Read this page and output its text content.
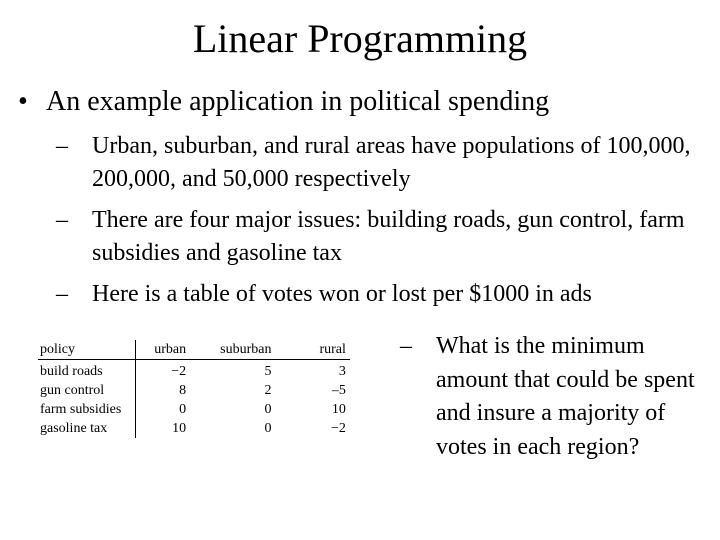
Linear Programming
• An example application in political spending
–	Urban, suburban, and rural areas have populations of 100,000, 200,000, and 50,000 respectively
–	There are four major issues: building roads, gun control, farm subsidies and gasoline tax
–	Here is a table of votes won or lost per $1000 in ads
policy	urban	suburban	rural
build roads	−2	5	3
gun control	8	2	–5
farm subsidies	0	0	10
gasoline tax	10	0	−2
–	What is the minimum amount that could be spent and insure a majority of votes in each region?
